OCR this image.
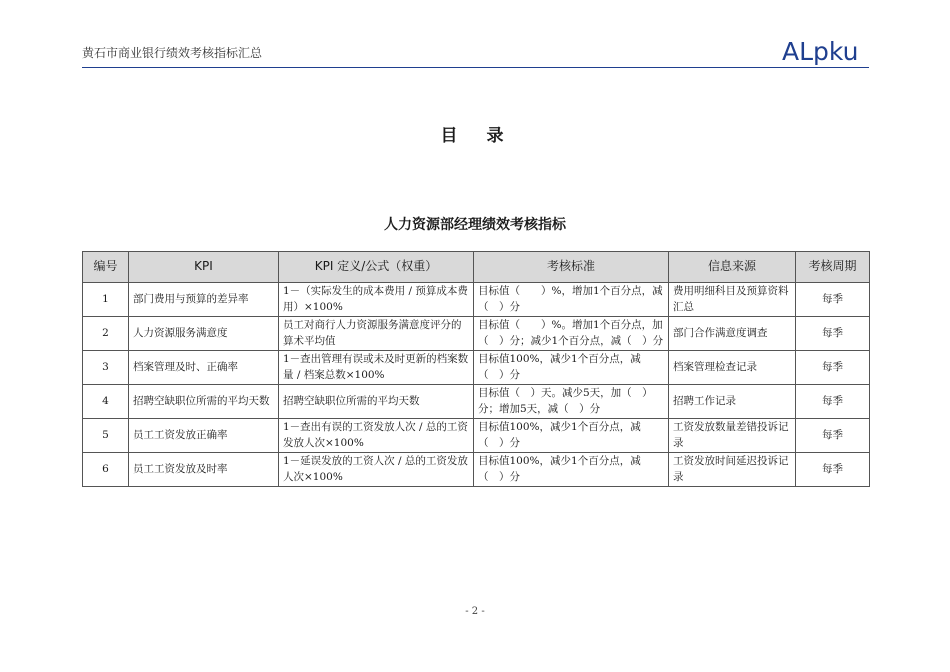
黄石市商业银行绩效考核指标汇总	ALpku
目　录
人力资源部经理绩效考核指标
编号	KPI	KPI 定义/公式（权重）	考核标准	信息来源	考核周期
1	部门费用与预算的差异率	1－（实际发生的成本费用 / 预算成本费用）×100%	目标值（　　）%，增加1个百分点，减（　）分	费用明细科目及预算资料汇总	每季
2	人力资源服务满意度	员工对商行人力资源服务满意度评分的算术平均值	目标值（　　）%。增加1个百分点，加（　）分；减少1个百分点，减（　）分	部门合作满意度调查	每季
3	档案管理及时、正确率	1－查出管理有误或未及时更新的档案数量 / 档案总数×100%	目标值100%，减少1个百分点，减（　）分	档案管理检查记录	每季
4	招聘空缺职位所需的平均天数	招聘空缺职位所需的平均天数	目标值（　）天。减少5天，加（　）分；增加5天，减（　）分	招聘工作记录	每季
5	员工工资发放正确率	1－查出有误的工资发放人次 / 总的工资发放人次×100%	目标值100%，减少1个百分点，减（　）分	工资发放数量差错投诉记录	每季
6	员工工资发放及时率	1－延误发放的工资人次 / 总的工资发放人次×100%	目标值100%，减少1个百分点，减（　）分	工资发放时间延迟投诉记录	每季
- 2 -
